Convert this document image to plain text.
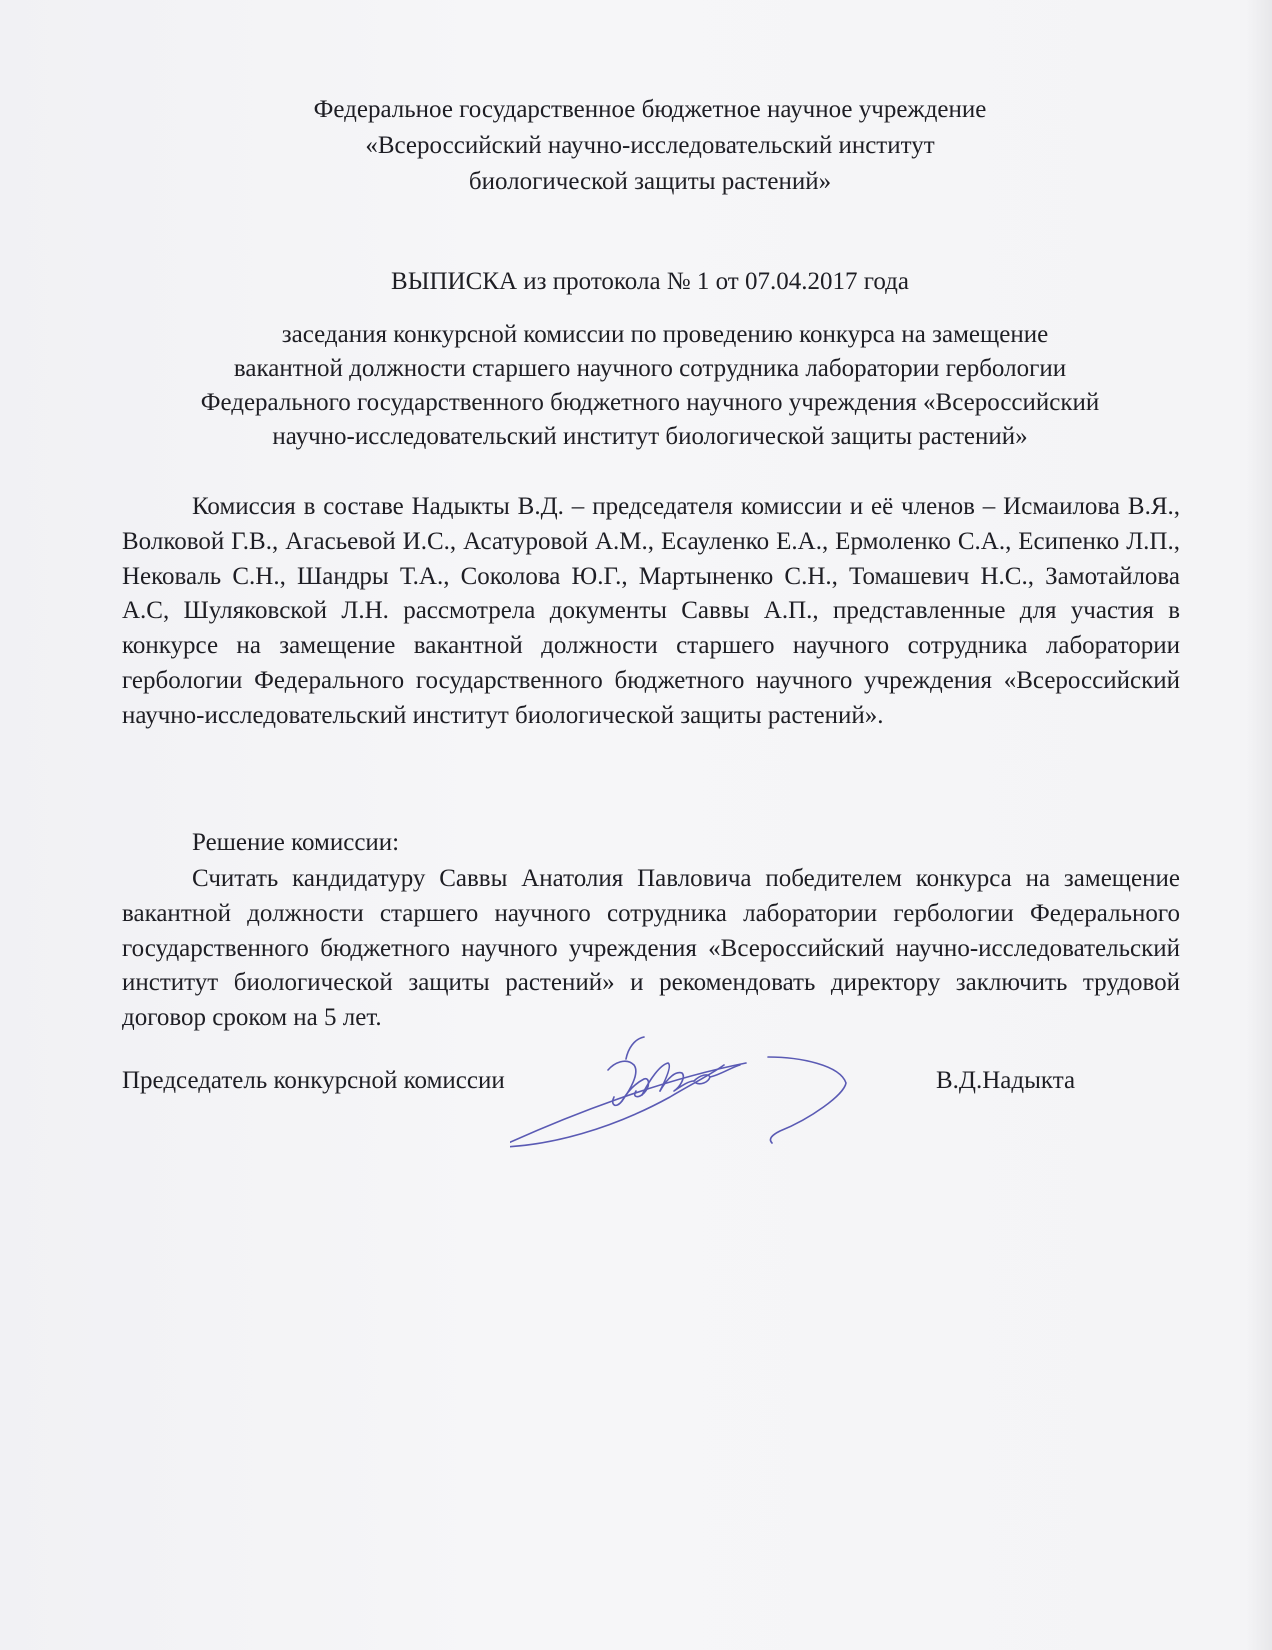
Федеральное государственное бюджетное научное учреждение
«Всероссийский научно-исследовательский институт
биологической защиты растений»
ВЫПИСКА из протокола № 1 от 07.04.2017 года
заседания конкурсной комиссии по проведению конкурса на замещение
вакантной должности старшего научного сотрудника лаборатории гербологии
Федерального государственного бюджетного научного учреждения «Всероссийский
научно-исследовательский институт биологической защиты растений»

Комиссия в составе Надыкты В.Д. – председателя комиссии и её членов – Исмаилова В.Я., Волковой Г.В., Агасьевой И.С., Асатуровой А.М., Есауленко Е.А., Ермоленко С.А., Есипенко Л.П., Нековаль С.Н., Шандры Т.А., Соколова Ю.Г., Мартыненко С.Н., Томашевич Н.С., Замотайлова А.С, Шуляковской Л.Н. рассмотрела документы Саввы А.П., представленные для участия в конкурсе на замещение вакантной должности старшего научного сотрудника лаборатории гербологии Федерального государственного бюджетного научного учреждения «Всероссийский научно-исследовательский институт биологической защиты растений».

Решение комиссии:

Считать кандидатуру Саввы Анатолия Павловича победителем конкурса на замещение вакантной должности старшего научного сотрудника лаборатории гербологии Федерального государственного бюджетного научного учреждения «Всероссийский научно-исследовательский институт биологической защиты растений» и рекомендовать директору заключить трудовой договор сроком на 5 лет.

Председатель конкурсной комиссии	В.Д.Надыкта
